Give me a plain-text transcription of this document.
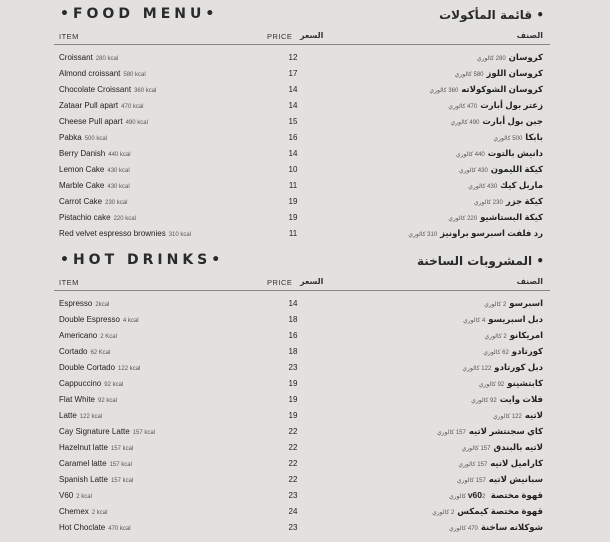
•FOOD MENU•	• قائمة المأكولات
ITEM	PRICE السعر	الصنف
Croissant 280 kcal	12	كروسان280 كالوري
Almond croissant 580 kcal	17	كروسان اللوز580 كالوري
Chocolate Croissant 360 kcal	14	كروسان الشوكولاته360 كالوري
Zataar Pull apart 470 kcal	14	زعتر بول أبارت470 كالوري
Cheese Pull apart 490 kcal	15	جبن بول أبارت490 كالوري
Pabka 500 kcal	16	بابكا500 كالوري
Berry Danish 440 kcal	14	دانيش بالتوت440 كالوري
Lemon Cake 430 kcal	10	كيكة الليمون430 كالوري
Marble Cake 430 kcal	11	ماربل كيك430 كالوري
Carrot Cake 230 kcal	19	كيكة جزر230 كالوري
Pistachio cake 220 kcal	19	كيكة البستاشيو220 كالوري
Red velvet espresso brownies 310 kcal	11	رد فلفت اسبرسو براونيز310 كالوري
•HOT DRINKS•	• المشروبات الساخنة
ITEM	PRICE السعر	الصنف
Espresso 2kcal	14	اسبرسو2 كالوري
Double Espresso 4 kcal	18	دبل اسبريسو4 كالوري
Americano 2 Kcal	16	امريكانو2 كالوري
Cortado 62 Kcal	18	كورتادو62 كالوري
Double Cortado 122 kcal	23	دبل كورتادو122 كالوري
Cappuccino 92 kcal	19	كابتشينو92 كالوري
Flat White 92 kcal	19	فلات وايت92 كالوري
Latte 122 kcal	19	لاتيه122 كالوري
Cay Signature Latte 157 kcal	22	كاي سجنتشر لاتيه157 كالوري
Hazelnut latte 157 kcal	22	لاتيه بالبندق157 كالوري
Caramel latte 157 kcal	22	كاراميل لاتيه157 كالوري
Spanish Latte 157 kcal	22	سبانيش لاتيه157 كالوري
V60 2 kcal	23	قهوة مختصة v602 كالوري
Chemex 2 kcal	24	قهوة مختصة كيمكس2 كالوري
Hot Choclate 470 kcal	23	شوكلاته ساخنة470 كالوري
